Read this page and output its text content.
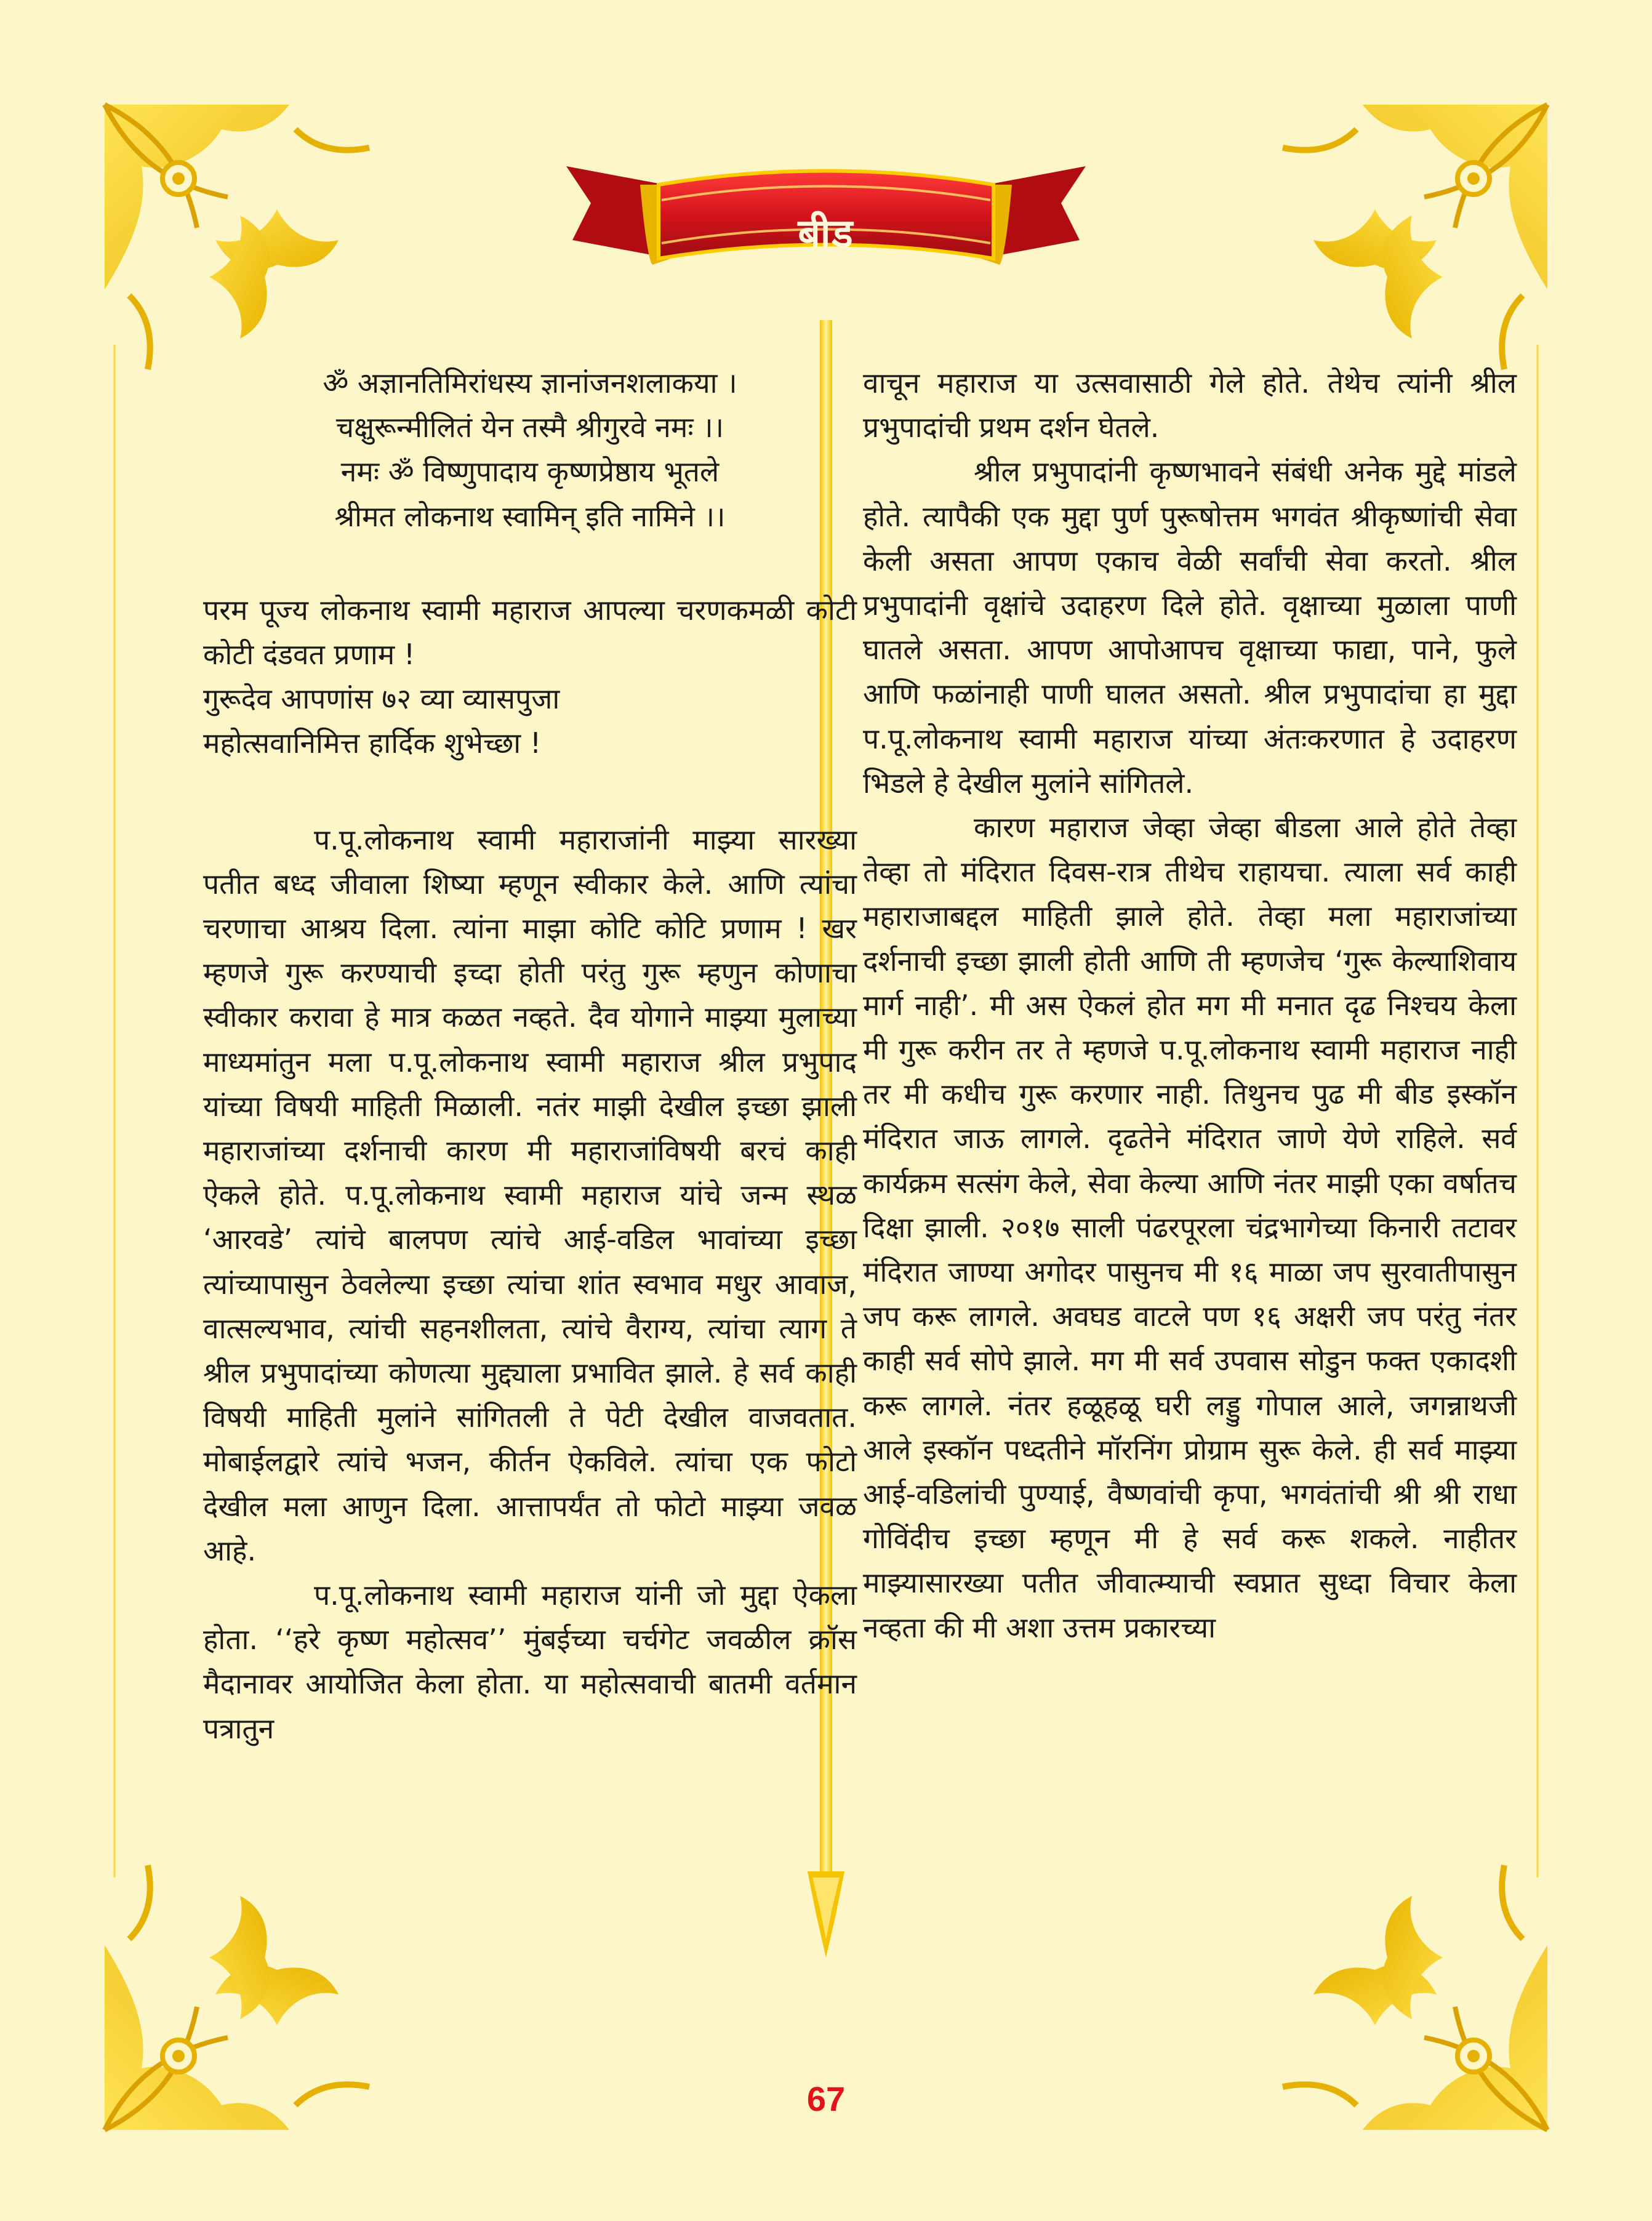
बीड

ॐ अज्ञानतिमिरांधस्य ज्ञानांजनशलाकया ।

चक्षुरून्मीलितं येन तस्मै श्रीगुरवे नमः ।।

नमः ॐ विष्णुपादाय कृष्णप्रेष्ठाय भूतले

श्रीमत लोकनाथ स्वामिन् इति नामिने ।।

परम पूज्य लोकनाथ स्वामी महाराज आपल्या चरणकमळी कोटी कोटी दंडवत प्रणाम !

गुरूदेव आपणांस ७२ व्या व्यासपुजा

महोत्सवानिमित्त हार्दिक शुभेच्छा !

प.पू.लोकनाथ स्वामी महाराजांनी माझ्या सारख्या पतीत बध्द जीवाला शिष्या म्हणून स्वीकार केले. आणि त्यांचा चरणाचा आश्रय दिला. त्यांना माझा कोटि कोटि प्रणाम ! खर म्हणजे गुरू करण्याची इच्दा होती परंतु गुरू म्हणुन कोणाचा स्वीकार करावा हे मात्र कळत नव्हते. दैव योगाने माझ्या मुलाच्या माध्यमांतुन मला प.पू.लोकनाथ स्वामी महाराज श्रील प्रभुपाद यांच्या विषयी माहिती मिळाली. नतंर माझी देखील इच्छा झाली महाराजांच्या दर्शनाची कारण मी महाराजांविषयी बरचं काही ऐकले होते. प.पू.लोकनाथ स्वामी महाराज यांचे जन्म स्थळ ‘आरवडे’ त्यांचे बालपण त्यांचे आई-वडिल भावांच्या इच्छा त्यांच्यापासुन ठेवलेल्या इच्छा त्यांचा शांत स्वभाव मधुर आवाज, वात्सल्यभाव, त्यांची सहनशीलता, त्यांचे वैराग्य, त्यांचा त्याग ते श्रील प्रभुपादांच्या कोणत्या मुद्द्याला प्रभावित झाले. हे सर्व काही विषयी माहिती मुलांने सांगितली ते पेटी देखील वाजवतात. मोबाईलद्वारे त्यांचे भजन, कीर्तन ऐकविले. त्यांचा एक फोटो देखील मला आणुन दिला. आत्तापर्यंत तो फोटो माझ्या जवळ आहे.

प.पू.लोकनाथ स्वामी महाराज यांनी जो मुद्दा ऐकला होता. ‘‘हरे कृष्ण महोत्सव’’ मुंबईच्या चर्चगेट जवळील क्रॉस मैदानावर आयोजित केला होता. या महोत्सवाची बातमी वर्तमान पत्रातुन

वाचून महाराज या उत्सवासाठी गेले होते. तेथेच त्यांनी श्रील प्रभुपादांची प्रथम दर्शन घेतले.

श्रील प्रभुपादांनी कृष्णभावने संबंधी अनेक मुद्दे मांडले होते. त्यापैकी एक मुद्दा पुर्ण पुरूषोत्तम भगवंत श्रीकृष्णांची सेवा केली असता आपण एकाच वेळी सर्वांची सेवा करतो. श्रील प्रभुपादांनी वृक्षांचे उदाहरण दिले होते. वृक्षाच्या मुळाला पाणी घातले असता. आपण आपोआपच वृक्षाच्या फाद्या, पाने, फुले आणि फळांनाही पाणी घालत असतो. श्रील प्रभुपादांचा हा मुद्दा प.पू.लोकनाथ स्वामी महाराज यांच्या अंतःकरणात हे उदाहरण भिडले हे देखील मुलांने सांगितले.

कारण महाराज जेव्हा जेव्हा बीडला आले होते तेव्हा तेव्हा तो मंदिरात दिवस-रात्र तीथेच राहायचा. त्याला सर्व काही महाराजाबद्दल माहिती झाले होते. तेव्हा मला महाराजांच्या दर्शनाची इच्छा झाली होती आणि ती म्हणजेच ‘गुरू केल्याशिवाय मार्ग नाही’. मी अस ऐकलं होत मग मी मनात दृढ निश्चय केला मी गुरू करीन तर ते म्हणजे प.पू.लोकनाथ स्वामी महाराज नाही तर मी कधीच गुरू करणार नाही. तिथुनच पुढ मी बीड इस्कॉन मंदिरात जाऊ लागले. दृढतेने मंदिरात जाणे येणे राहिले. सर्व कार्यक्रम सत्संग केले, सेवा केल्या आणि नंतर माझी एका वर्षातच दिक्षा झाली. २०१७ साली पंढरपूरला चंद्रभागेच्या किनारी तटावर मंदिरात जाण्या अगोदर पासुनच मी १६ माळा जप सुरवातीपासुन जप करू लागले. अवघड वाटले पण १६ अक्षरी जप परंतु नंतर काही सर्व सोपे झाले. मग मी सर्व उपवास सोडुन फक्त एकादशी करू लागले. नंतर हळूहळू घरी लड्डु गोपाल आले, जगन्नाथजी आले इस्कॉन पध्दतीने मॉरनिंग प्रोग्राम सुरू केले. ही सर्व माझ्या आई-वडिलांची पुण्याई, वैष्णवांची कृपा, भगवंतांची श्री श्री राधा गोविंदीच इच्छा म्हणून मी हे सर्व करू शकले. नाहीतर माझ्यासारख्या पतीत जीवात्म्याची स्वप्नात सुध्दा विचार केला नव्हता की मी अशा उत्तम प्रकारच्या

67
